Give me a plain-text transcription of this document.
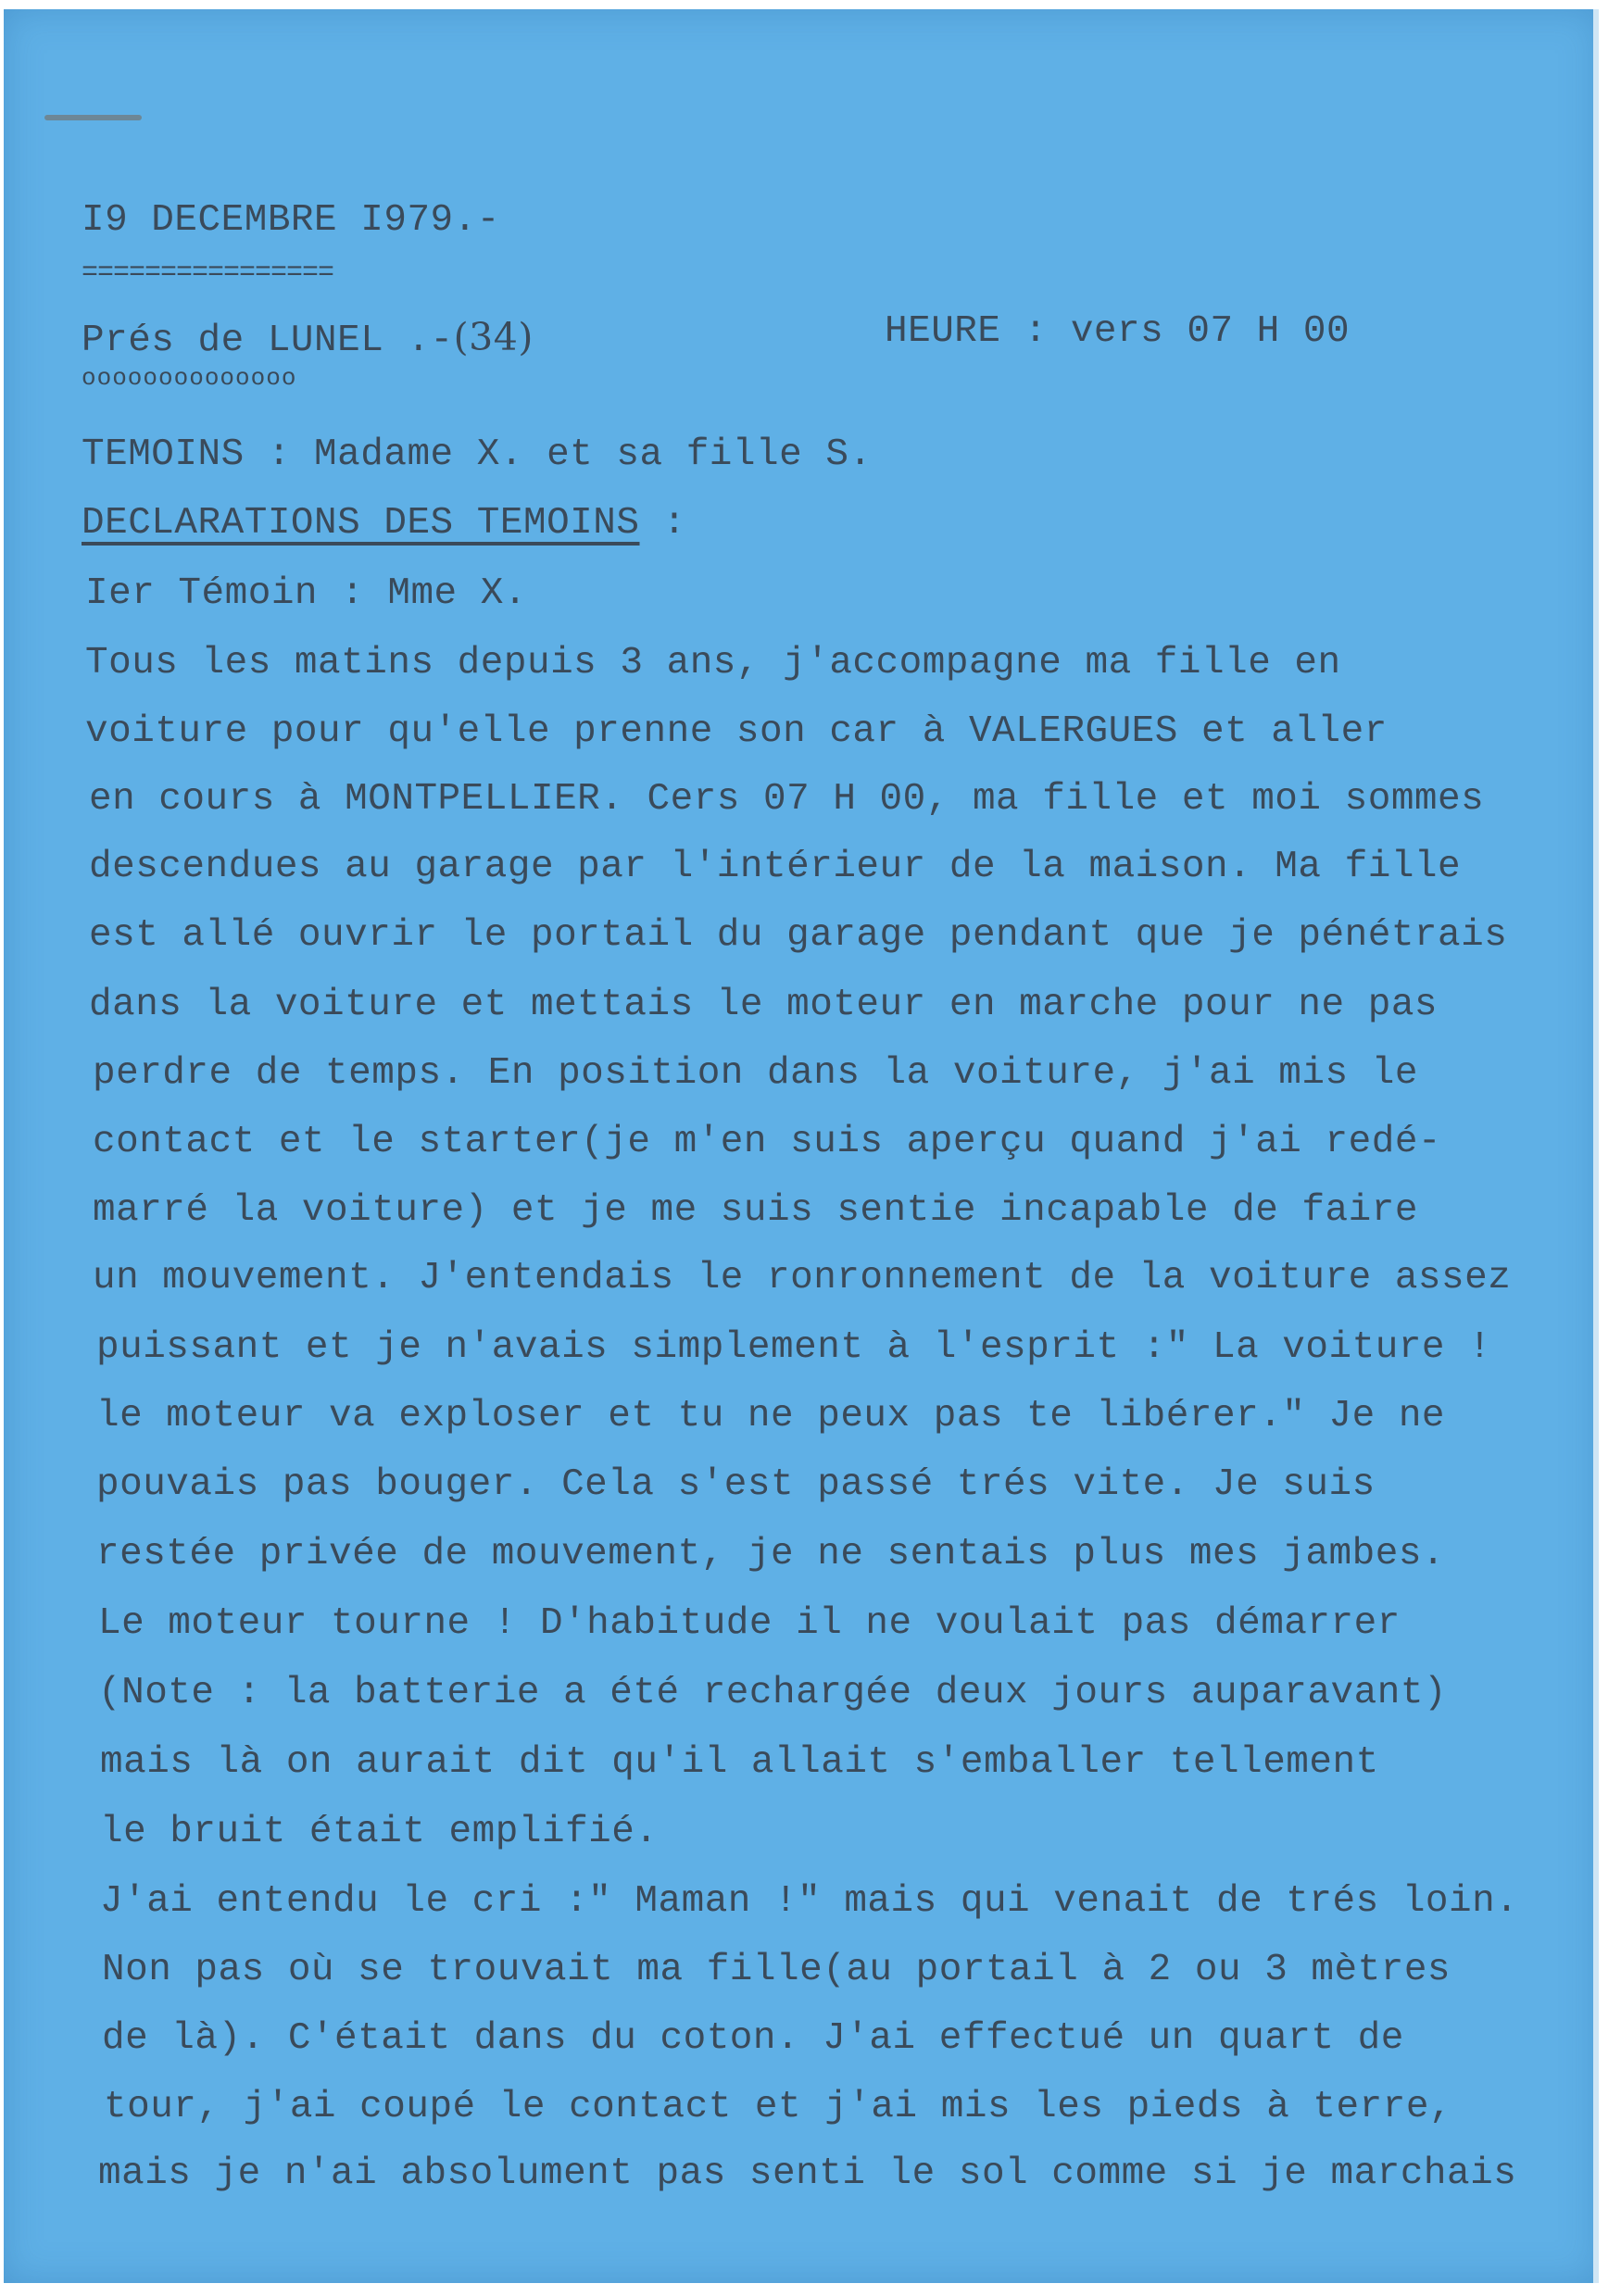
I9 DECEMBRE I979.-
================
Prés de LUNEL .-(34)
oooooooooooooo
HEURE : vers 07 H 00
TEMOINS : Madame X. et sa fille S.
DECLARATIONS DES TEMOINS :
Ier Témoin : Mme X.
Tous les matins depuis 3 ans, j'accompagne ma fille en
voiture pour qu'elle prenne son car à VALERGUES et aller
en cours à MONTPELLIER. Cers 07 H 00, ma fille et moi sommes
descendues au garage par l'intérieur de la maison. Ma fille
est allé ouvrir le portail du garage pendant que je pénétrais
dans la voiture et mettais le moteur en marche pour ne pas
perdre de temps. En position dans la voiture, j'ai mis le
contact et le starter(je m'en suis aperçu quand j'ai redé-
marré la voiture) et je me suis sentie incapable de faire
un mouvement. J'entendais le ronronnement de la voiture assez
puissant et je n'avais simplement à l'esprit :" La voiture !
le moteur va exploser et tu ne peux pas te libérer." Je ne
pouvais pas bouger. Cela s'est passé trés vite. Je suis
restée privée de mouvement, je ne sentais plus mes jambes.
Le moteur tourne ! D'habitude il ne voulait pas démarrer
(Note : la batterie a été rechargée deux jours auparavant)
mais là on aurait dit qu'il allait s'emballer tellement
le bruit était emplifié.
J'ai entendu le cri :" Maman !" mais qui venait de trés loin.
Non pas où se trouvait ma fille(au portail à 2 ou 3 mètres
de là). C'était dans du coton. J'ai effectué un quart de
tour, j'ai coupé le contact et j'ai mis les pieds à terre,
mais je n'ai absolument pas senti le sol comme si je marchais
